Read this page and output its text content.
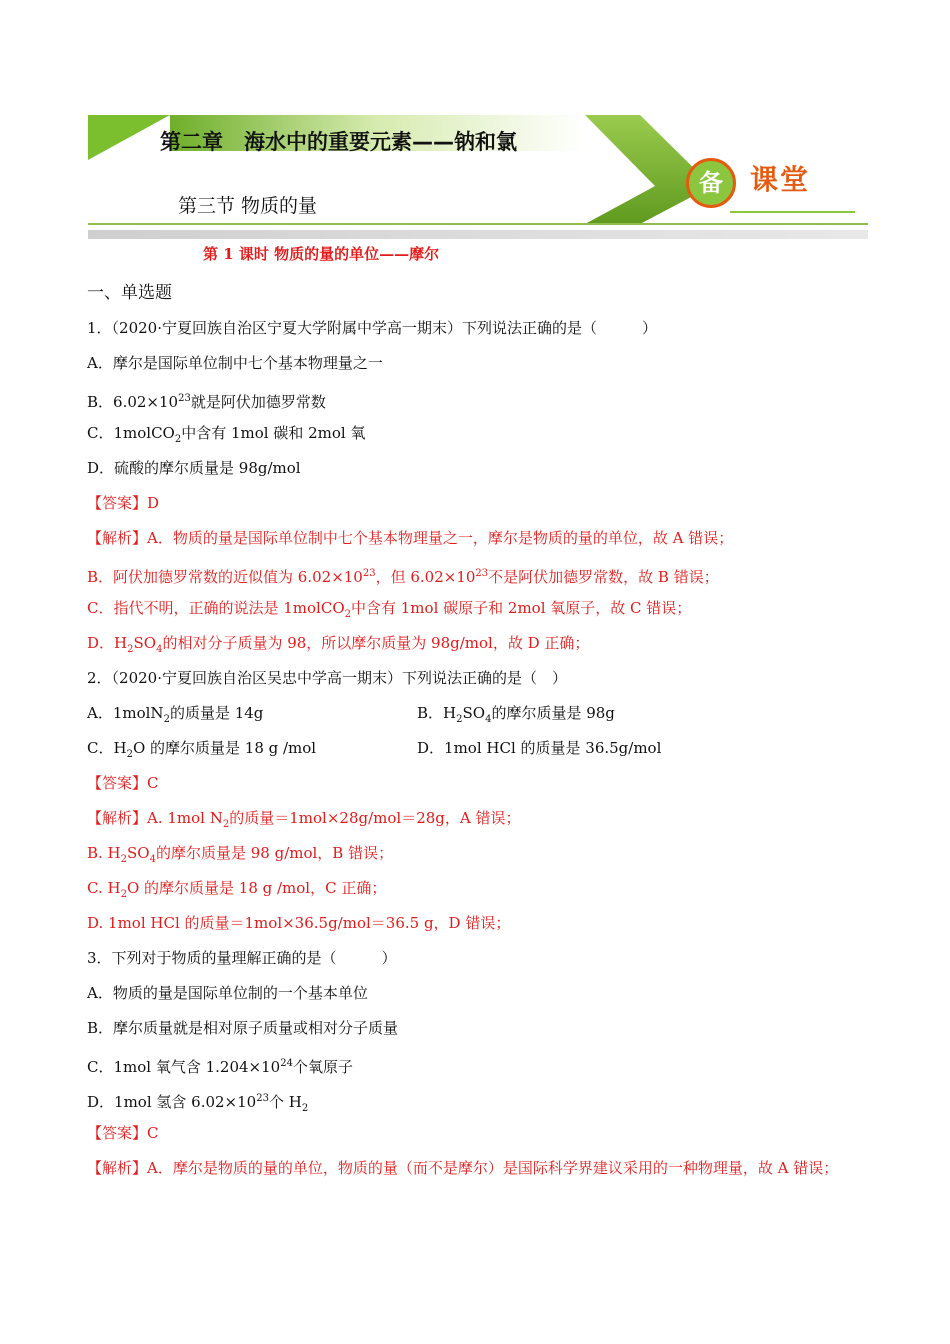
第二章　海水中的重要元素——钠和氯
第三节 物质的量
备 课堂
第 1 课时 物质的量的单位——摩尔
一、单选题
1．（2020·宁夏回族自治区宁夏大学附属中学高一期末）下列说法正确的是（　　　）
A．摩尔是国际单位制中七个基本物理量之一
B．$6.02\times 10^{23}$就是阿伏加德罗常数
C．1molCO$_2$中含有 1mol 碳和 2mol 氧
D．硫酸的摩尔质量是 98g/mol
【答案】D
【解析】A．物质的量是国际单位制中七个基本物理量之一，摩尔是物质的量的单位，故 A 错误；
B．阿伏加德罗常数的近似值为 $6.02\times 10^{23}$，但 $6.02\times 10^{23}$不是阿伏加德罗常数，故 B 错误；
C．指代不明，正确的说法是 1molCO$_2$中含有 1mol 碳原子和 2mol 氧原子，故 C 错误；
D．$H_2SO_4$的相对分子质量为 98，所以摩尔质量为 98g/mol，故 D 正确；
2．（2020·宁夏回族自治区吴忠中学高一期末）下列说法正确的是（　）
A．1molN$_2$的质量是 14g	B．$H_2SO_4$的摩尔质量是 98g
C．$H_2O$ 的摩尔质量是 18 g /mol	D．1mol HCl 的质量是 36.5g/mol
【答案】C
【解析】A. 1mol $N_2$的质量＝1mol×28g/mol＝28g，A 错误；
B. $H_2SO_4$的摩尔质量是 98 g/mol，B 错误；
C. $H_2O$ 的摩尔质量是 18 g /mol，C 正确；
D. 1mol HCl 的质量＝1mol×36.5g/mol＝36.5 g，D 错误；
3．下列对于物质的量理解正确的是（　　　）
A．物质的量是国际单位制的一个基本单位
B．摩尔质量就是相对原子质量或相对分子质量
C．1mol 氧气含 $1.204\times 10^{24}$个氧原子
D．1mol 氢含 $6.02\times 10^{23}$个 $H_2$
【答案】C
【解析】A．摩尔是物质的量的单位，物质的量（而不是摩尔）是国际科学界建议采用的一种物理量，故 A 错误；
